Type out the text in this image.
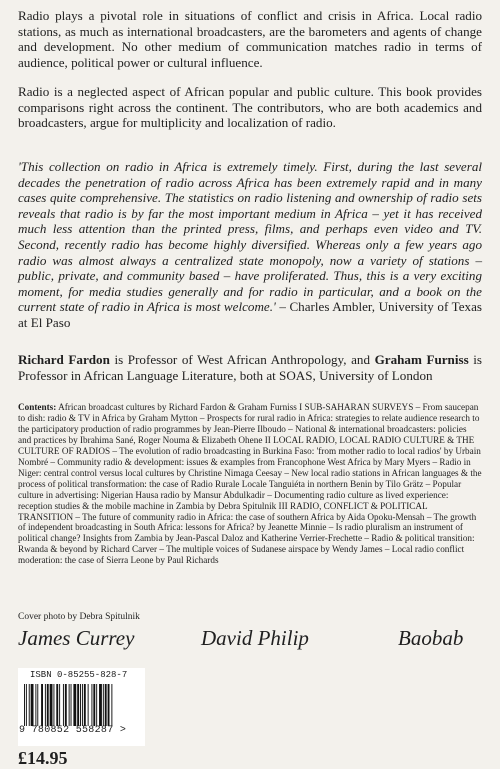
Radio plays a pivotal role in situations of conflict and crisis in Africa. Local radio stations, as much as international broadcasters, are the barometers and agents of change and development. No other medium of communication matches radio in terms of audience, political power or cultural influence.

Radio is a neglected aspect of African popular and public culture. This book provides comparisons right across the continent. The contributors, who are both academics and broadcasters, argue for multiplicity and localization of radio.

'This collection on radio in Africa is extremely timely. First, during the last several decades the penetration of radio across Africa has been extremely rapid and in many cases quite comprehensive. The statistics on radio listening and ownership of radio sets reveals that radio is by far the most important medium in Africa – yet it has received much less attention than the printed press, films, and perhaps even video and TV. Second, recently radio has become highly diversified. Whereas only a few years ago radio was almost always a centralized state monopoly, now a variety of stations – public, private, and community based – have proliferated. Thus, this is a very exciting moment, for media studies generally and for radio in particular, and a book on the current state of radio in Africa is most welcome.' – Charles Ambler, University of Texas at El Paso

Richard Fardon is Professor of West African Anthropology, and Graham Furniss is Professor in African Language Literature, both at SOAS, University of London

Contents: African broadcast cultures by Richard Fardon & Graham Furniss I SUB-SAHARAN SURVEYS – From saucepan to dish: radio & TV in Africa by Graham Mytton – Prospects for rural radio in Africa: strategies to relate audience research to the participatory production of radio programmes by Jean-Pierre Ilboudo – National & international broadcasters: policies and practices by Ibrahima Sané, Roger Nouma & Elizabeth Ohene II LOCAL RADIO, LOCAL RADIO CULTURE & THE CULTURE OF RADIOS – The evolution of radio broadcasting in Burkina Faso: 'from mother radio to local radios' by Urbain Nombré – Community radio & development: issues & examples from Francophone West Africa by Mary Myers – Radio in Niger: central control versus local cultures by Christine Nimaga Ceesay – New local radio stations in African languages & the process of political transformation: the case of Radio Rurale Locale Tanguiéta in northern Benin by Tilo Grätz – Popular culture in advertising: Nigerian Hausa radio by Mansur Abdulkadir – Documenting radio culture as lived experience: reception studies & the mobile machine in Zambia by Debra Spitulnik III RADIO, CONFLICT & POLITICAL TRANSITION – The future of community radio in Africa: the case of southern Africa by Aida Opoku-Mensah – The growth of independent broadcasting in South Africa: lessons for Africa? by Jeanette Minnie – Is radio pluralism an instrument of political change? Insights from Zambia by Jean-Pascal Daloz and Katherine Verrier-Frechette – Radio & political transition: Rwanda & beyond by Richard Carver – The multiple voices of Sudanese airspace by Wendy James – Local radio conflict moderation: the case of Sierra Leone by Paul Richards

Cover photo by Debra Spitulnik
James Currey	David Philip	Baobab
ISBN 0-85255-828-7
9 780852 558287 >
£14.95
